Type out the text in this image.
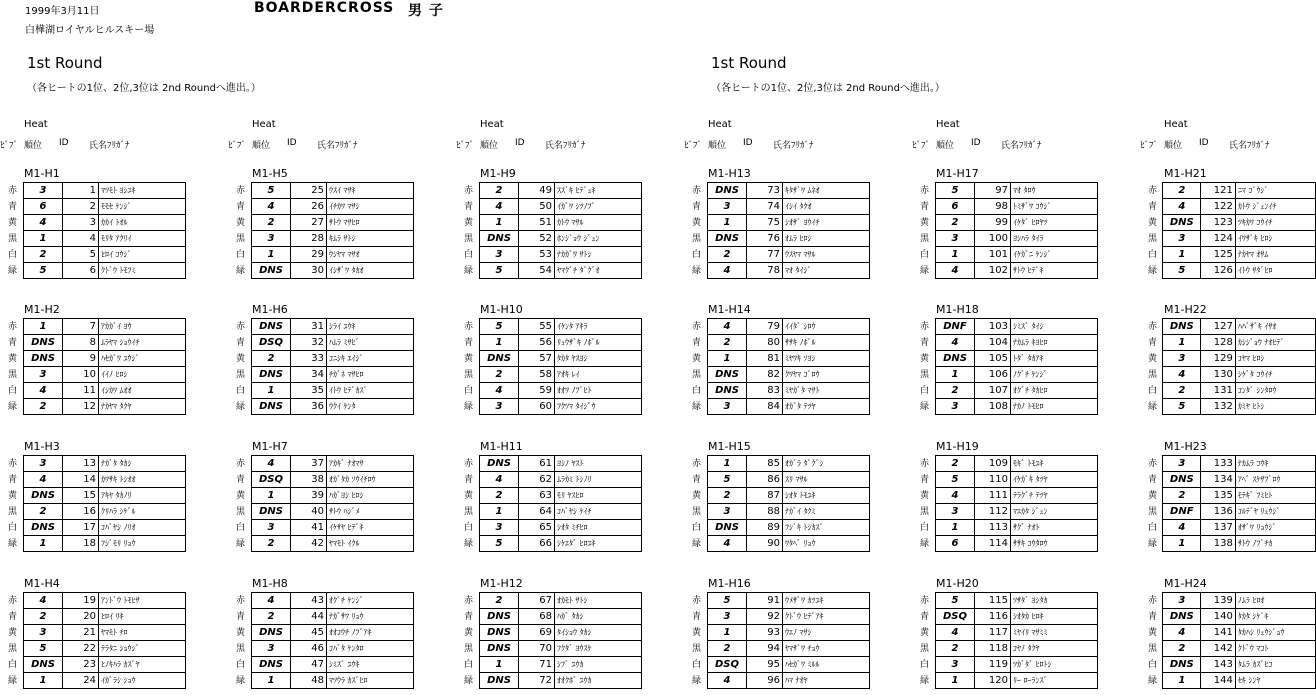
1999年3月11日
白樺湖ロイヤルヒルスキー場
BOARDERCROSS 男 子
1st Round
（各ヒートの1位、2位,3位は 2nd Roundへ進出。）
1st Round
（各ヒートの1位、2位,3位は 2nd Roundへ進出。）
Heat
ﾋﾞﾌﾞ 順位 ID 氏名ﾌﾘｶﾞﾅ
M1-H1
赤	3	1	ﾏﾂﾓﾄ ﾖｼﾕｷ
青	6	2	ﾓﾓｾ ｹﾝｼﾞ
黄	4	3	ｶｶｲ ﾄｵﾙ
黒	1	4	ﾓﾘﾀ ｱｸﾘｲ
白	2	5	ﾋﾛｲ ｺｳｼﾞ
緑	5	6	ｸﾄﾞｳ ﾄﾓﾌﾐ
M1-H2
赤	1	7	ｱｶｶﾞｲ ﾖｳ
青	DNS	8	ﾑﾗﾔﾏ ｼｮｳｲﾁ
黄	DNS	9	ﾊｾｶﾞﾜ ﾕｳｼﾞ
黒	3	10	ｲｲﾉ ﾋﾛｼ
白	4	11	ｲｼｶﾜ ﾑｵｵ
緑	2	12	ﾅｶﾔﾏ ﾀｸﾔ
M1-H3
赤	3	13	ﾅｶﾞﾀ ﾀｶｼ
青	4	14	ｶﾜｻｷ ﾄｼｵｵ
黄	DNS	15	ｱｷﾔ ﾀｶﾉﾘ
黒	2	16	ｸﾘﾊﾗ ｼｹﾞﾙ
白	DNS	17	ｺﾊﾞﾔｼ ﾉﾘｵ
緑	1	18	ﾌｼﾞﾓﾘ ﾘｮｳ
M1-H4
赤	4	19	ｱﾝﾄﾞｳ ﾄﾓﾋｻ
青	2	20	ﾋﾛｲ ﾘｷ
黄	3	21	ﾔﾏﾓﾄ ﾁﾛ
黒	5	22	ﾃﾗﾀﾆ ｼｮｳｼﾞ
白	DNS	23	ﾋﾉｷﾊﾗ ｶｽﾞﾔ
緑	1	24	ｲｶﾞﾗｼ ｼｮｳ
Heat
ﾋﾞﾌﾞ 順位 ID 氏名ﾌﾘｶﾞﾅ
M1-H5
赤	5	25	ｳｽｲ ﾏｻｷ
青	4	26	ｲﾁｶﾜ ﾏｻｼ
黄	2	27	ｻﾄｳ ﾏｻﾋﾛ
黒	3	28	ｷﾑﾗ ｻﾄｼ
白	1	29	ｳｼﾔﾏ ﾏｻｵ
緑	DNS	30	ｲｼｻﾞﾜ ﾀｶｵ
M1-H6
赤	DNS	31	ｼﾗｲ ﾕｳｷ
青	DSQ	32	ﾊﾑﾗ ﾐｻﾋﾞ
黄	2	33	ｺﾆｼｷ ｴｲｼﾞ
黒	DNS	34	ﾁｶﾞﾈ ﾏｻﾋﾛ
白	1	35	ｲﾄｳ ﾋﾃﾞｶｽﾞ
緑	DNS	36	ｳｸｲ ｹﾝﾀ
M1-H7
赤	4	37	ｱｶｷﾞ ﾅｵﾏｻ
青	DSQ	38	ｵｶﾞﾀｶ ｿｳｲﾁﾛｳ
黄	1	39	ﾊｶﾞﾖｼ ﾋﾛｼ
黒	DNS	40	ｻﾄｳ ﾊｼﾞﾒ
白	3	41	ｲｹｻﾔ ﾋﾃﾞｷ
緑	2	42	ﾔﾏﾓﾄ ｲｸﾙ
M1-H8
赤	4	43	ｵｸﾞﾁ ｹﾝｼﾞ
青	2	44	ﾅｶﾞｻﾜ ﾘｮｳ
黄	DNS	45	ｵｵｺｳﾁ ﾉﾌﾞｱｷ
黒	3	46	ｺﾊﾞﾀ ｹﾝﾀﾛ
白	DNS	47	ｼﾐｽﾞ ﾕｳｷ
緑	1	48	ﾏﾂｳﾗ ｶｽﾞﾋﾛ
Heat
ﾋﾞﾌﾞ 順位 ID 氏名ﾌﾘｶﾞﾅ
M1-H9
赤	2	49	ｽｽﾞｷ ﾋﾃﾞｭｷ
青	4	50	ｲｶﾞﾜ ｼﾂﾉﾌﾞ
黄	1	51	ｶﾄｳ ﾏｻﾙ
黒	DNS	52	ﾎﾝｼﾞｮｳ ｼﾞｭﾝ
白	3	53	ﾅｶｶﾞﾜ ｻﾄｼ
緑	5	54	ﾔﾏｸﾞﾁ ﾀﾞｸﾞｵ
M1-H10
赤	5	55	ｲｹﾝﾀ ｱｷﾗ
青	1	56	ﾘｭｳｻﾞｷ ﾉﾎﾞﾙ
黄	DNS	57	ﾀｶﾀ ﾔｽﾖｼ
黒	2	58	ｱｵｷ ﾚｲ
白	4	59	ｵｵﾜ ﾉﾌﾞﾋﾄ
緑	3	60	ﾌｸﾂﾏ ﾀｲｼﾞｳ
M1-H11
赤	DNS	61	ﾖｼﾉ ﾔｽﾄ
青	4	62	ﾑﾗｶﾐ ﾄｼﾉﾘ
黄	2	63	ﾓﾘ ﾔｽﾋﾛ
黒	1	64	ｺﾊﾞﾔｼ ｹｲﾁ
白	3	65	ｼｵﾀ ﾐﾁﾋﾛ
緑	5	66	ｼｹｴﾀﾞ ﾋﾛﾕｷ
M1-H12
赤	2	67	ｵｶﾓﾄ ｻﾄｼ
青	DNS	68	ﾊｶﾞ ﾀｶｼ
黄	DNS	69	ﾀｲｼｮｳ ﾀｶｼ
黒	DNS	70	ﾌｸﾀﾞ ﾖｳｽｹ
白	1	71	ｼﾌﾞ ﾕｳｶ
緑	DNS	72	ｵｵｸﾎﾞ ﾕｳｶ
Heat
ﾋﾞﾌﾞ 順位 ID 氏名ﾌﾘｶﾞﾅ
M1-H13
赤	DNS	73	ｷﾀｻﾞﾜ ﾑﾈｵ
青	3	74	ｲｼｲ ﾀｸｵ
黄	1	75	ｼｵｻﾞ ﾖｳｲﾁ
黒	DNS	76	ｵﾑﾗ ﾋﾛｼ
白	2	77	ｳｽﾔﾏ ﾏｻﾙ
緑	4	78	ﾏｵ ﾀｲｼﾞ
M1-H14
赤	4	79	ｲｲﾀﾞ ｼﾛｳ
青	2	80	ｻｻｷ ﾉﾎﾞﾙ
黄	1	81	ﾐﾔﾜｷ ｿﾖｼ
黒	DNS	82	ｸﾜﾔﾏ ｺﾞﾛｳ
白	DNS	83	ﾐﾔｶﾞﾀ ﾏｻﾄ
緑	3	84	ｵｶﾞﾀ ﾃﾂﾔ
M1-H15
赤	1	85	ｵｶﾞﾗ ﾀﾞｸﾞｼ
青	5	86	ｽﾘ ﾏｻﾙ
黄	2	87	ｼｵﾀ ﾄﾓﾕｷ
黒	3	88	ﾅｶﾞｲ ﾀｸﾐ
白	DNS	89	ﾌｼﾞｷ ﾄｼｶｽﾞ
緑	4	90	ﾜﾀﾍﾞ ﾘｮｳ
M1-H16
赤	5	91	ｳﾒｻﾞﾜ ｶﾂﾕｷ
青	3	92	ｸﾄﾞｳ ﾋﾃﾞｱｷ
黄	1	93	ｳｴﾉ ﾏｻｼ
黒	2	94	ﾔﾏｻﾞﾜ ﾁｮｳ
白	DSQ	95	ﾊｾｶﾞﾜ ﾐﾙﾙ
緑	4	96	ﾊﾏ ﾅｵﾔ
Heat
ﾋﾞﾌﾞ 順位 ID 氏名ﾌﾘｶﾞﾅ
M1-H17
赤	5	97	ﾏｵ ﾀﾛｳ
青	6	98	ﾄﾐｻﾞﾜ ｺｳｼﾞ
黄	2	99	ｲｹﾀﾞ ﾋﾛﾔﾂ
黒	3	100	ﾖｼﾊﾗ ﾀｲﾗ
白	1	101	ｲｹｶﾞﾆ ｹﾝｼﾞ
緑	4	102	ｻﾄｳ ﾋﾃﾞｷ
M1-H18
赤	DNF	103	ｼﾐｽﾞ ﾀｲｼ
青	4	104	ﾅｶﾑﾗ ｷﾖﾋﾛ
黄	DNS	105	ﾄﾀﾞ ﾀｶｱｷ
黒	1	106	ﾉｸﾞﾁ ｹﾝｼﾞ
白	2	107	ｵｸﾞﾁ ﾀｶﾋﾛ
緑	3	108	ﾅｶﾉ ﾄﾓﾋﾛ
M1-H19
赤	2	109	ﾓｷﾞ ﾄﾓﾕｷ
青	5	110	ｲｹｶﾞｷ ﾀﾂﾔ
黄	4	111	ﾃﾗｸﾞﾁ ﾃﾂﾔ
黒	3	112	ﾏｴｶﾀ ｼﾞｭﾝ
白	1	113	ｻｸﾞ ﾅｵﾄ
緑	6	114	ｻｻｷ ｺｳﾀﾛｳ
M1-H20
赤	5	115	ﾂｻﾀﾞ ﾖｼﾀｶ
青	DSQ	116	ｼｵﾀｶ ﾋﾛｷ
黄	4	117	ﾐﾔｲﾘ ﾏｻﾐﾐ
黒	2	118	ｺﾔﾉ ﾀｸﾔ
白	3	119	ﾂｶﾞﾀﾞ ﾋﾛﾄｼ
緑	1	120	ﾘｰ ﾛｰﾗﾝｽﾞ
Heat
ﾋﾞﾌﾞ 順位 ID 氏名ﾌﾘｶﾞﾅ
M1-H21
赤	2	121	ﾆﾏ ｺﾞｳｼﾞ
青	4	122	ｶﾄｳ ｼﾞｭﾝｲﾁ
黄	DNS	123	ﾂｷｶﾜ ｺｳｲﾁ
黒	3	124	ｲﾜｻﾞｷ ﾋﾛｼ
白	1	125	ﾅｶﾔﾏ ｵｻﾑ
緑	5	126	ｲﾄｳ ｻﾀﾞﾋﾛ
M1-H22
赤	DNS	127	ﾊﾊﾞｻﾞｷ ｲｻｵ
青	1	128	ｶｼｼﾞｮｳ ﾅｵﾋﾃﾞ
黄	3	129	ｺﾔﾏ ﾋﾛｼ
黒	4	130	ｼｹﾞﾀ ｺｳｲﾁ
白	2	131	ｺﾝﾀﾞ ｼﾝﾀﾛｳ
緑	5	132	ｶﾐﾔ ﾋﾄｼ
M1-H23
赤	3	133	ﾅｶﾑﾗ ｺｳｷ
青	DNS	134	ｱﾍﾞ ｽｹｻﾌﾞﾛｳ
黄	2	135	ﾓﾃｷﾞ ﾌﾐﾋﾄ
黒	DNF	136	ｺﾙﾃﾞﾔ ﾘｭｳｼﾞ
白	4	137	ｵｻﾞﾜ ﾘｮｳｼﾞ
緑	1	138	ｻﾄｳ ﾉﾌﾞﾁｶ
M1-H24
赤	3	139	ﾉﾑﾗ ﾋﾛｵ
青	DNS	140	ﾀｶﾀ ｼｹﾞｷ
黄	4	141	ﾀｶﾊｼ ﾘｭｳｼﾞｮｳ
黒	2	142	ｸﾄﾞｳ ﾏｺﾄ
白	DNS	143	ﾀﾑﾗ ｶｽﾞﾋｺ
緑	1	144	ｾｷ ｼﾝﾔ
